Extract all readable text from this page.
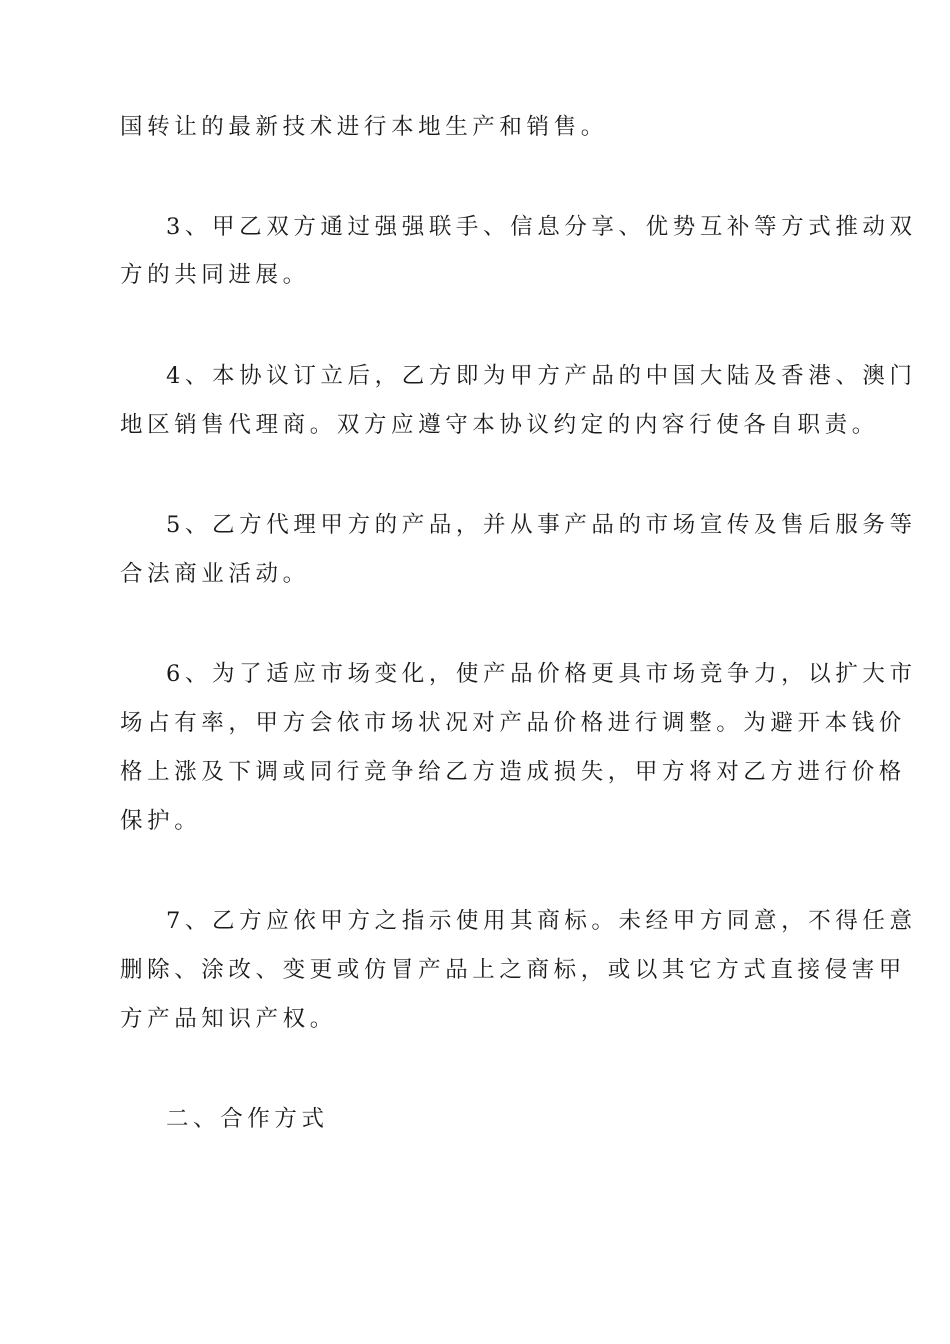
国转让的最新技术进行本地生产和销售。

3、甲乙双方通过强强联手、信息分享、优势互补等方式推动双

方的共同进展。

4、本协议订立后，乙方即为甲方产品的中国大陆及香港、澳门

地区销售代理商。双方应遵守本协议约定的内容行使各自职责。

5、乙方代理甲方的产品，并从事产品的市场宣传及售后服务等

合法商业活动。

6、为了适应市场变化，使产品价格更具市场竞争力，以扩大市

场占有率，甲方会依市场状况对产品价格进行调整。为避开本钱价

格上涨及下调或同行竞争给乙方造成损失，甲方将对乙方进行价格

保护。

7、乙方应依甲方之指示使用其商标。未经甲方同意，不得任意

删除、涂改、变更或仿冒产品上之商标，或以其它方式直接侵害甲

方产品知识产权。

二、合作方式
